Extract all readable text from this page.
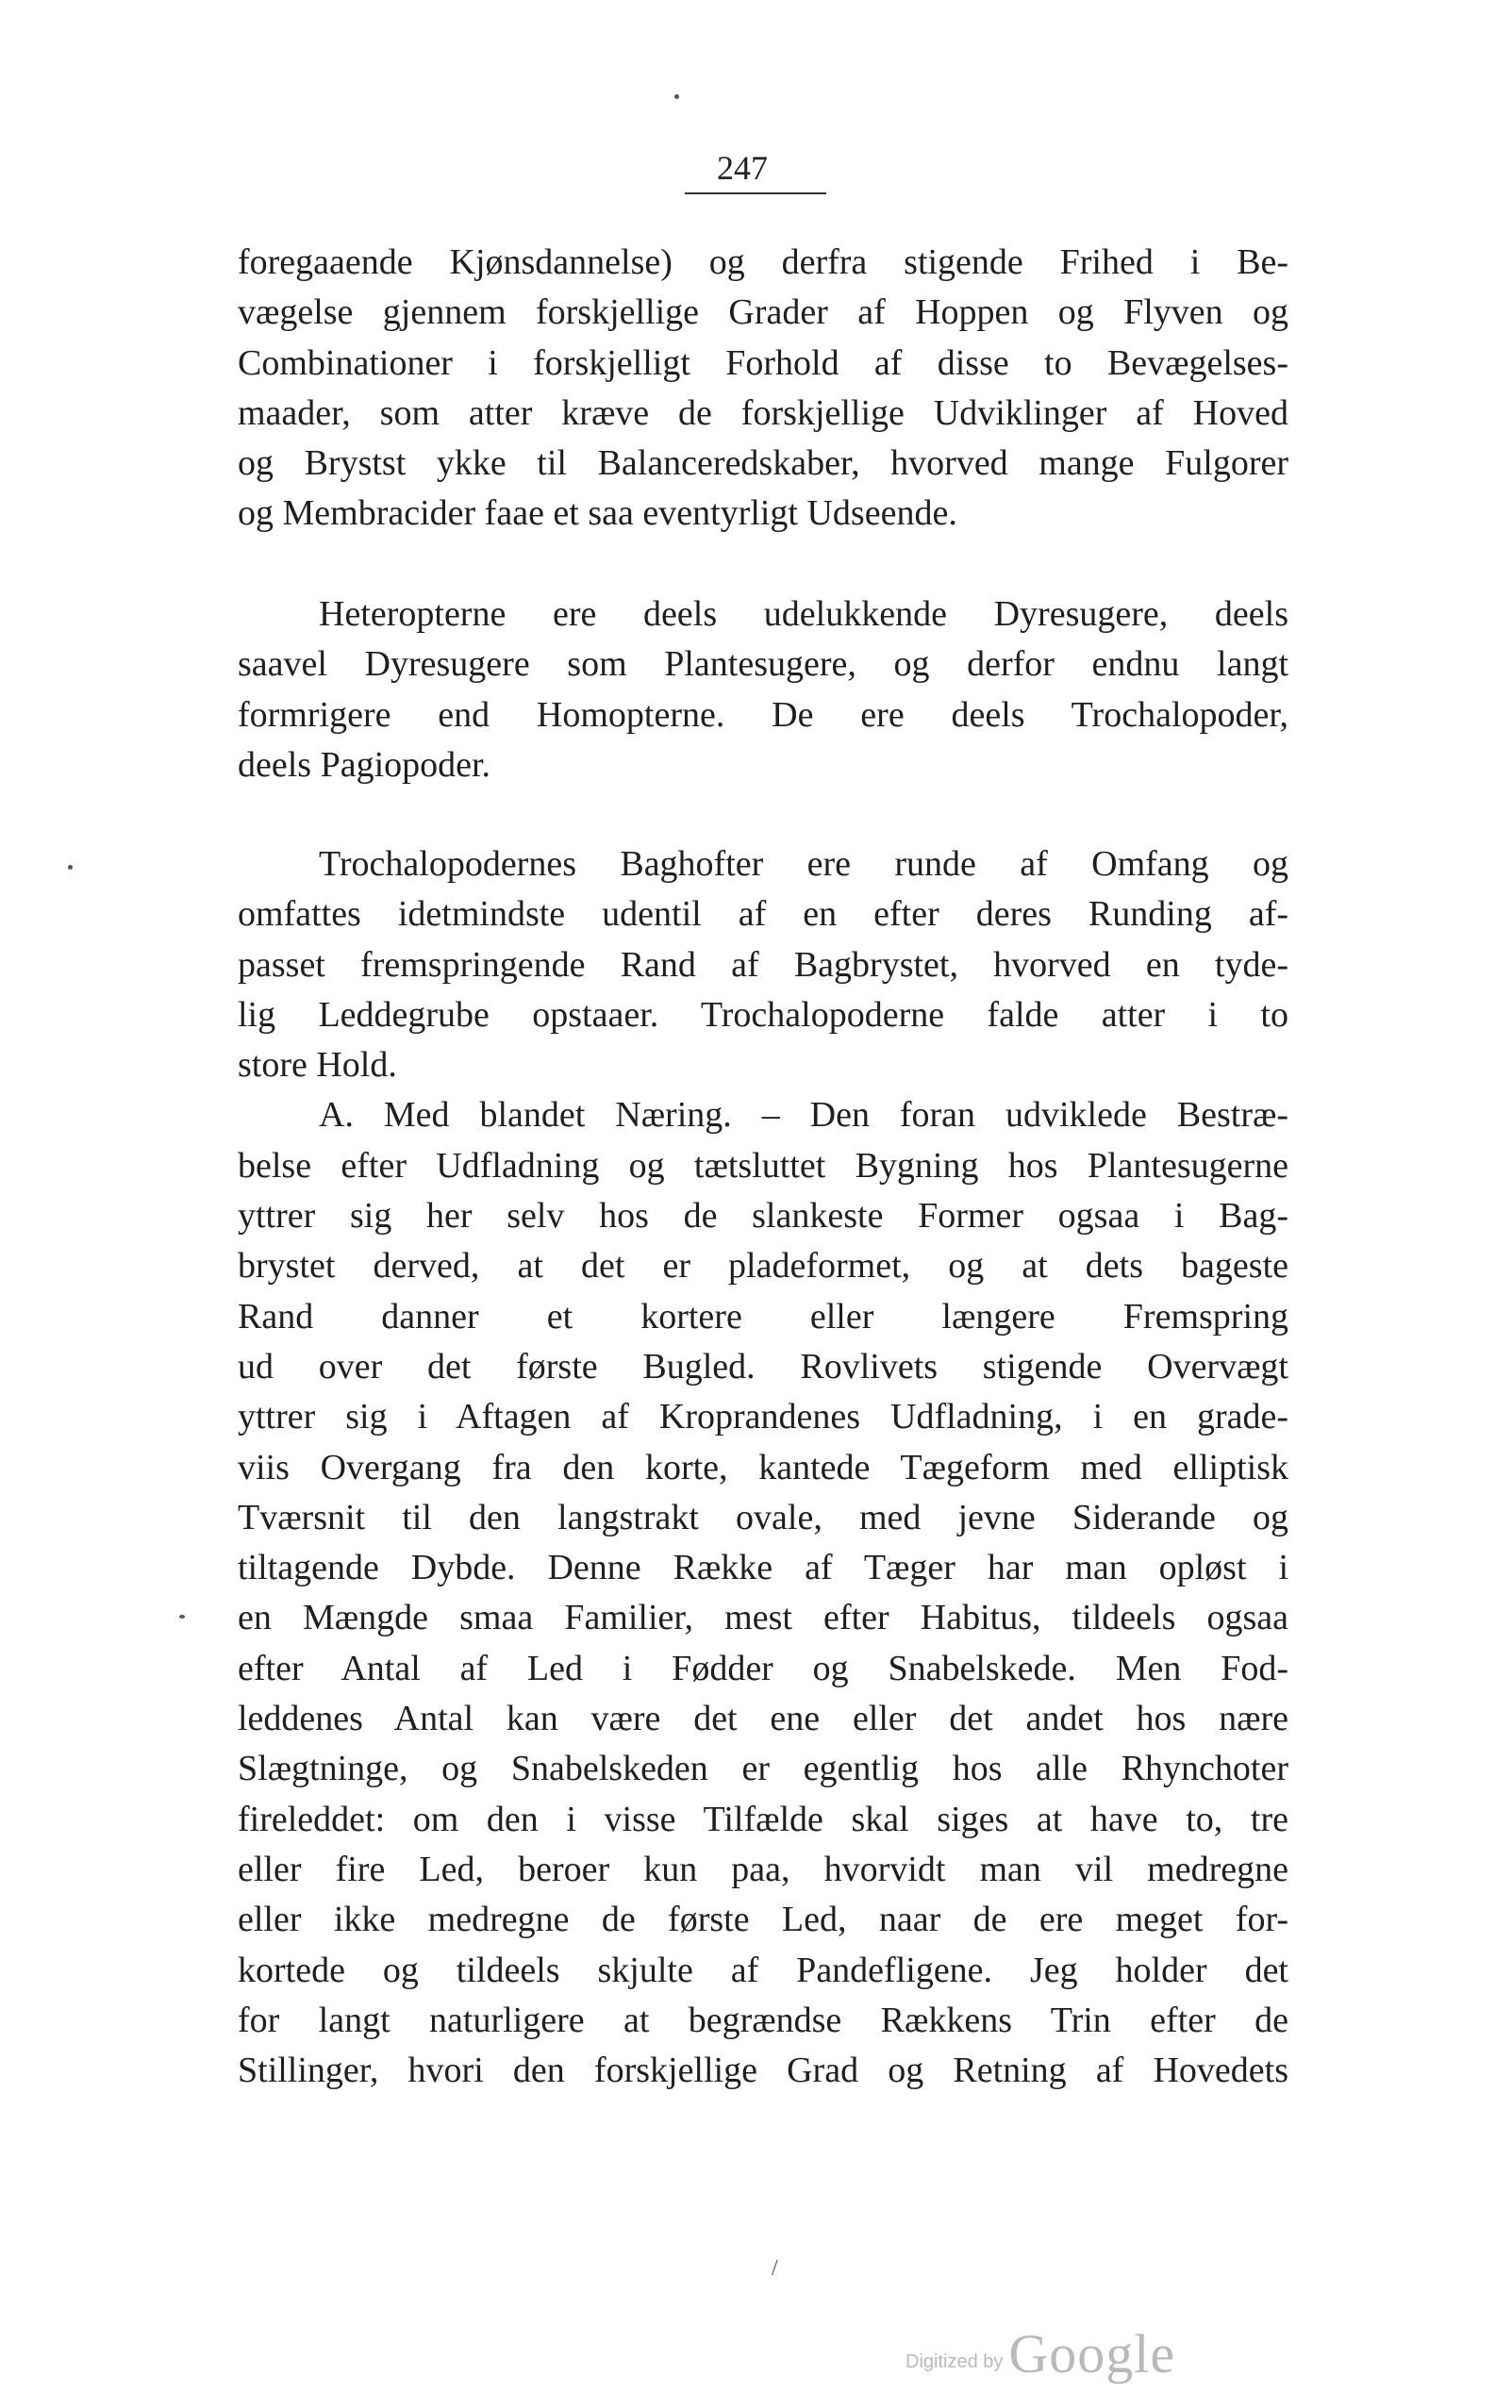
247
foregaaende Kjønsdannelse) og derfra stigende Frihed i Be-
vægelse gjennem forskjellige Grader af Hoppen og Flyven og
Combinationer i forskjelligt Forhold af disse to Bevægelses-
maader, som atter kræve de forskjellige Udviklinger af Hoved
og Brystst ykke til Balanceredskaber, hvorved mange Fulgorer
og Membracider faae et saa eventyrligt Udseende.
Heteropterne ere deels udelukkende Dyresugere, deels
saavel Dyresugere som Plantesugere, og derfor endnu langt
formrigere end Homopterne. De ere deels Trochalopoder,
deels Pagiopoder.
Trochalopodernes Baghofter ere runde af Omfang og
omfattes idetmindste udentil af en efter deres Runding af-
passet fremspringende Rand af Bagbrystet, hvorved en tyde-
lig Leddegrube opstaaer. Trochalopoderne falde atter i to
store Hold.
A. Med blandet Næring. – Den foran udviklede Bestræ-
belse efter Udfladning og tætsluttet Bygning hos Plantesugerne
yttrer sig her selv hos de slankeste Former ogsaa i Bag-
brystet derved, at det er pladeformet, og at dets bageste
Rand danner et kortere eller længere Fremspring
ud over det første Bugled. Rovlivets stigende Overvægt
yttrer sig i Aftagen af Kroprandenes Udfladning, i en grade-
viis Overgang fra den korte, kantede Tægeform med elliptisk
Tværsnit til den langstrakt ovale, med jevne Siderande og
tiltagende Dybde. Denne Række af Tæger har man opløst i
en Mængde smaa Familier, mest efter Habitus, tildeels ogsaa
efter Antal af Led i Fødder og Snabelskede. Men Fod-
leddenes Antal kan være det ene eller det andet hos nære
Slægtninge, og Snabelskeden er egentlig hos alle Rhynchoter
fireleddet: om den i visse Tilfælde skal siges at have to, tre
eller fire Led, beroer kun paa, hvorvidt man vil medregne
eller ikke medregne de første Led, naar de ere meget for-
kortede og tildeels skjulte af Pandefligene. Jeg holder det
for langt naturligere at begrændse Rækkens Trin efter de
Stillinger, hvori den forskjellige Grad og Retning af Hovedets
/
Digitized by Google
